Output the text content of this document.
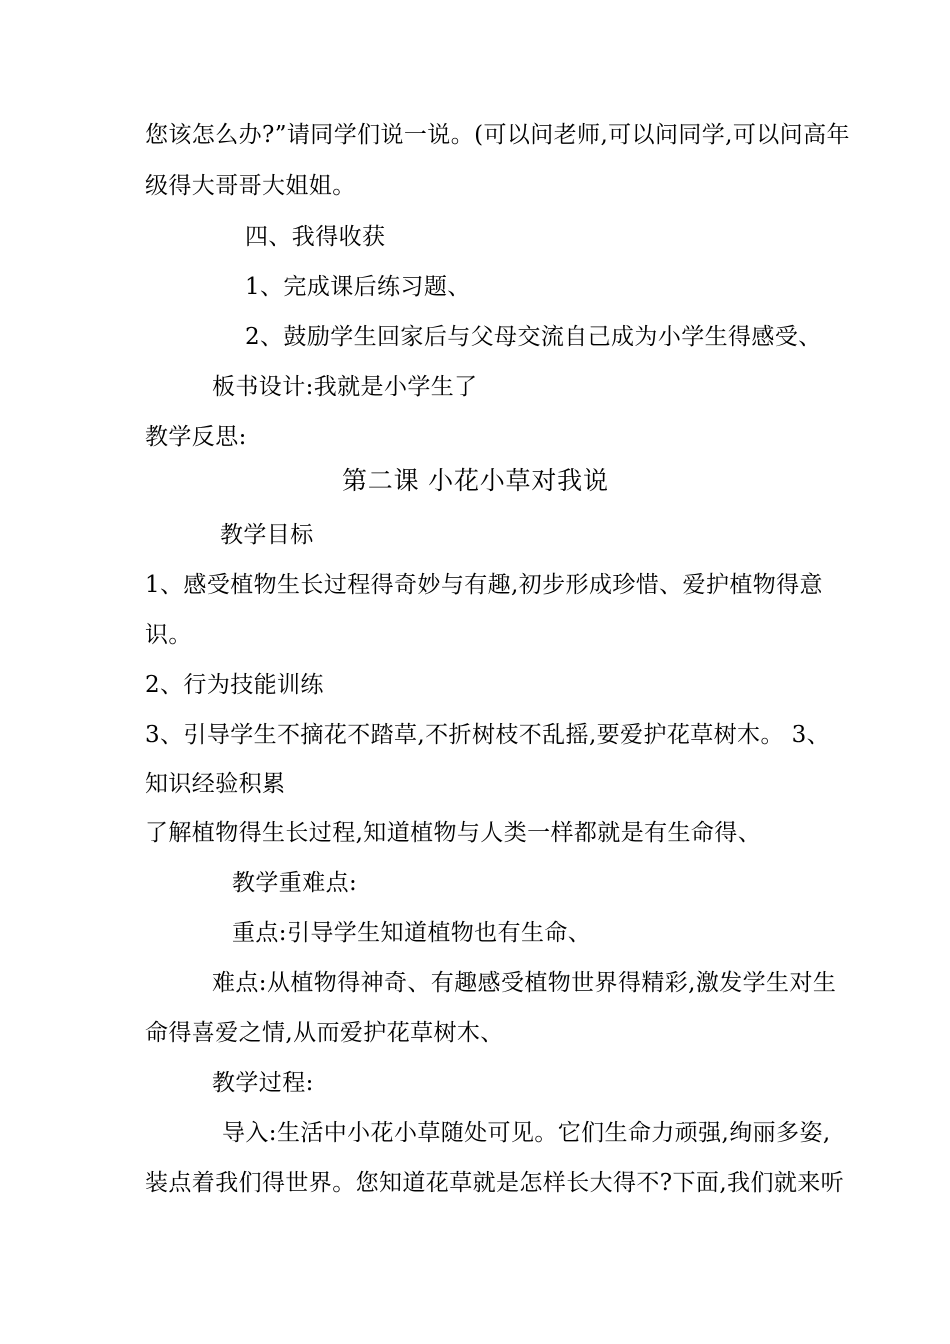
您该怎么办?”请同学们说一说。(可以问老师,可以问同学,可以问高年
级得大哥哥大姐姐。
四、我得收获
1、完成课后练习题、
2、鼓励学生回家后与父母交流自己成为小学生得感受、
板书设计:我就是小学生了
教学反思:
第二课 小花小草对我说
教学目标
1、感受植物生长过程得奇妙与有趣,初步形成珍惜、爱护植物得意
识。
2、行为技能训练
3、引导学生不摘花不踏草,不折树枝不乱摇,要爱护花草树木。 3、
知识经验积累
了解植物得生长过程,知道植物与人类一样都就是有生命得、
教学重难点:
重点:引导学生知道植物也有生命、
难点:从植物得神奇、有趣感受植物世界得精彩,激发学生对生
命得喜爱之情,从而爱护花草树木、
教学过程:
导入:生活中小花小草随处可见。它们生命力顽强,绚丽多姿,
装点着我们得世界。您知道花草就是怎样长大得不?下面,我们就来听
